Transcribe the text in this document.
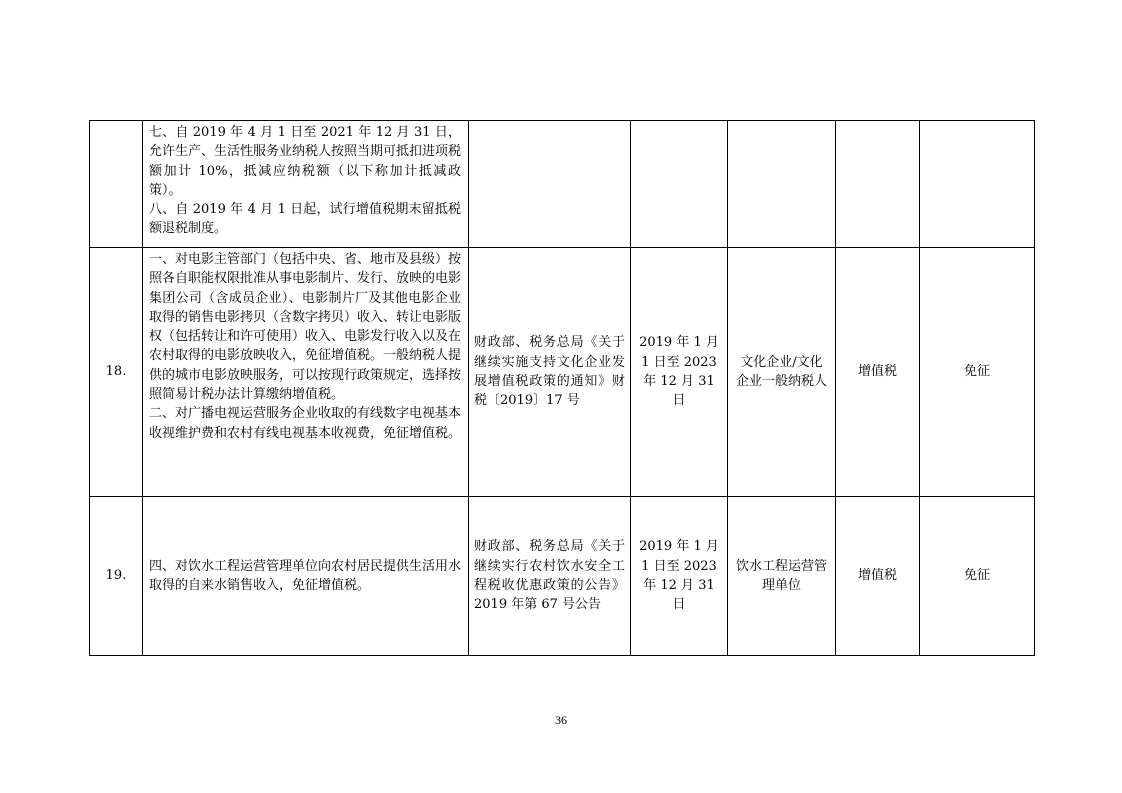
	七、自 2019 年 4 月 1 日至 2021 年 12 月 31 日，允许生产、生活性服务业纳税人按照当期可抵扣进项税额加计 10%，抵减应纳税额（以下称加计抵减政策）。
八、自 2019 年 4 月 1 日起，试行增值税期末留抵税额退税制度。					

18.	一、对电影主管部门（包括中央、省、地市及县级）按照各自职能权限批准从事电影制片、发行、放映的电影集团公司（含成员企业）、电影制片厂及其他电影企业取得的销售电影拷贝（含数字拷贝）收入、转让电影版权（包括转让和许可使用）收入、电影发行收入以及在农村取得的电影放映收入，免征增值税。一般纳税人提供的城市电影放映服务，可以按现行政策规定，选择按照简易计税办法计算缴纳增值税。
二、对广播电视运营服务企业收取的有线数字电视基本收视维护费和农村有线电视基本收视费，免征增值税。	财政部、税务总局《关于继续实施支持文化企业发展增值税政策的通知》财税〔2019〕17 号	2019 年 1 月 1 日至 2023 年 12 月 31 日	文化企业/文化企业一般纳税人	增值税	免征
19.	四、对饮水工程运营管理单位向农村居民提供生活用水取得的自来水销售收入，免征增值税。	财政部、税务总局《关于继续实行农村饮水安全工程税收优惠政策的公告》2019 年第 67 号公告	2019 年 1 月 1 日至 2023 年 12 月 31 日	饮水工程运营管理单位	增值税	免征
36
